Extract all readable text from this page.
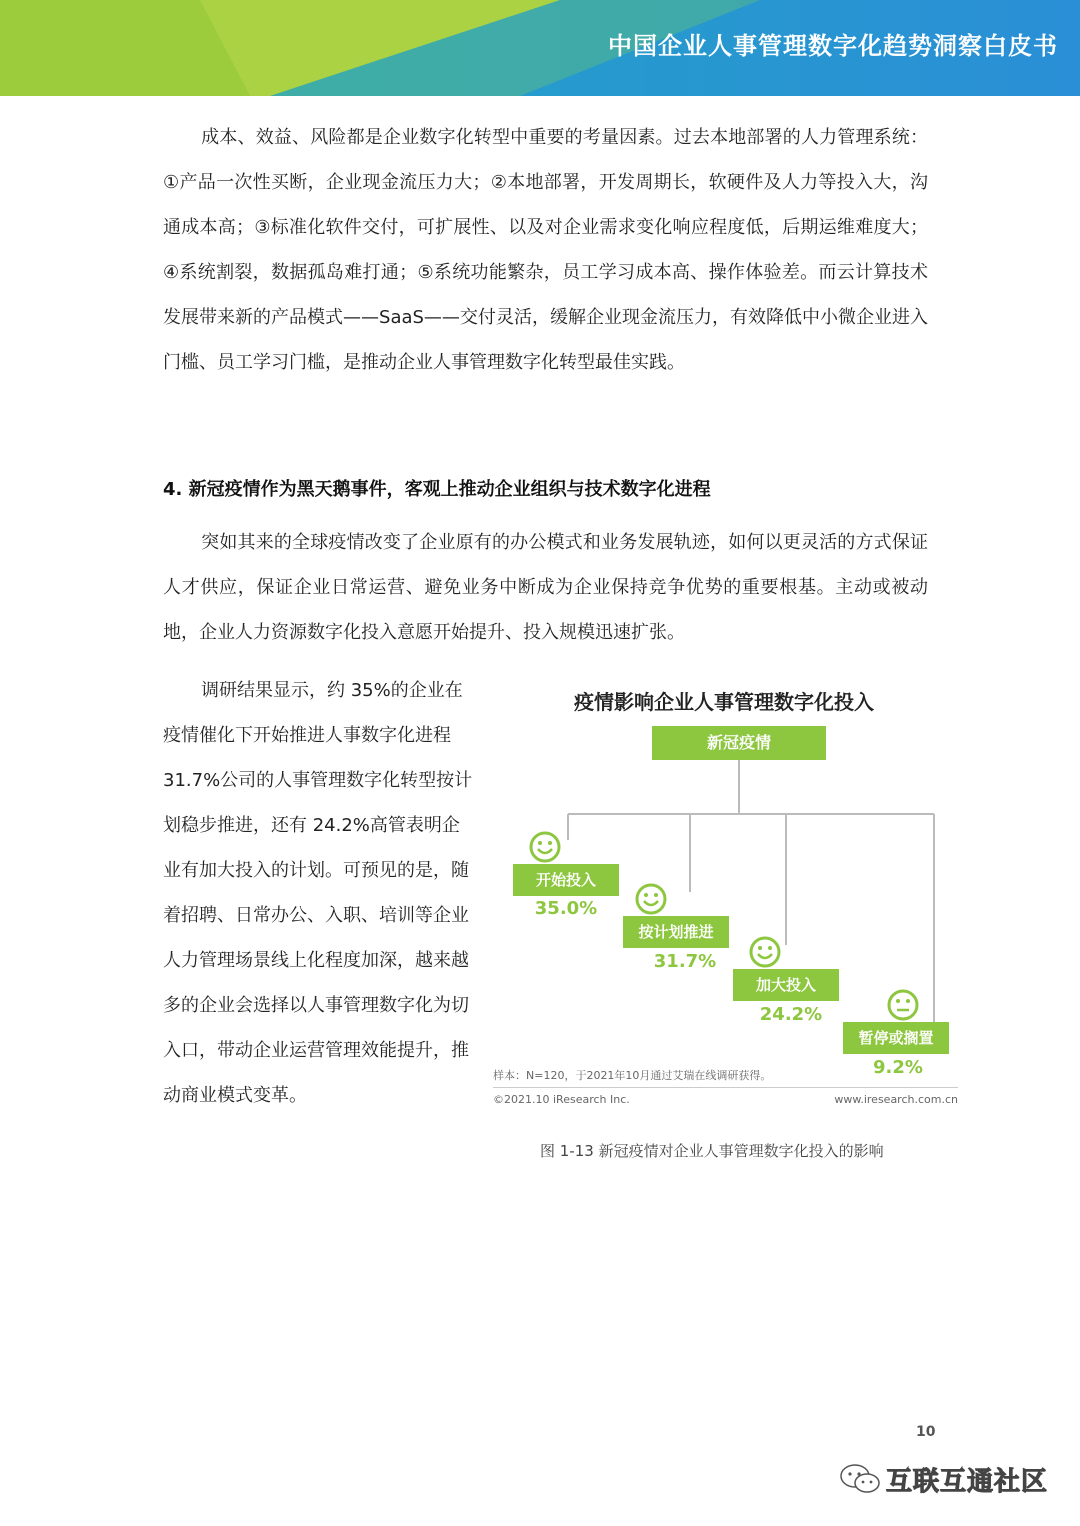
中国企业人事管理数字化趋势洞察白皮书

成本、效益、风险都是企业数字化转型中重要的考量因素。过去本地部署的人力管理系统：①产品一次性买断，企业现金流压力大；②本地部署，开发周期长，软硬件及人力等投入大，沟通成本高；③标准化软件交付，可扩展性、以及对企业需求变化响应程度低，后期运维难度大；④系统割裂，数据孤岛难打通；⑤系统功能繁杂，员工学习成本高、操作体验差。而云计算技术发展带来新的产品模式——SaaS——交付灵活，缓解企业现金流压力，有效降低中小微企业进入门槛、员工学习门槛，是推动企业人事管理数字化转型最佳实践。

4. 新冠疫情作为黑天鹅事件，客观上推动企业组织与技术数字化进程

突如其来的全球疫情改变了企业原有的办公模式和业务发展轨迹，如何以更灵活的方式保证人才供应，保证企业日常运营、避免业务中断成为企业保持竞争优势的重要根基。主动或被动地，企业人力资源数字化投入意愿开始提升、投入规模迅速扩张。

调研结果显示，约 35%的企业在疫情催化下开始推进人事数字化进程31.7%公司的人事管理数字化转型按计划稳步推进，还有 24.2%高管表明企业有加大投入的计划。可预见的是，随着招聘、日常办公、入职、培训等企业人力管理场景线上化程度加深，越来越多的企业会选择以人事管理数字化为切入口，带动企业运营管理效能提升，推动商业模式变革。

疫情影响企业人事管理数字化投入
新冠疫情
开始投入
35.0%
按计划推进
31.7%
加大投入
24.2%
暂停或搁置
9.2%
样本：N=120，于2021年10月通过艾瑞在线调研获得。
©2021.10 iResearch Inc.	www.iresearch.com.cn
图 1-13 新冠疫情对企业人事管理数字化投入的影响
10
互联互通社区
